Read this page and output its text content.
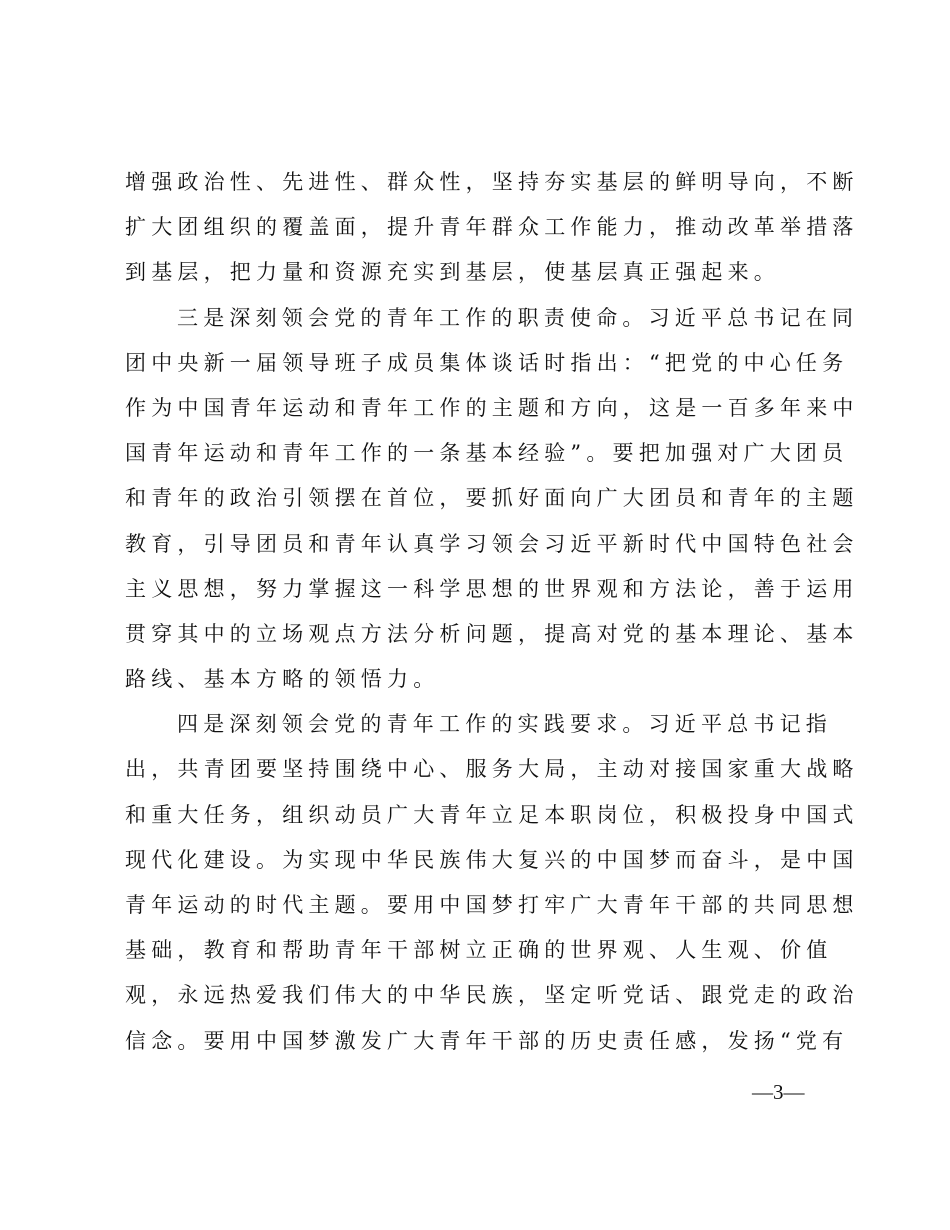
增强政治性、先进性、群众性，坚持夯实基层的鲜明导向，不断
扩大团组织的覆盖面，提升青年群众工作能力，推动改革举措落
到基层，把力量和资源充实到基层，使基层真正强起来。
三是深刻领会党的青年工作的职责使命。习近平总书记在同
团中央新一届领导班子成员集体谈话时指出：“把党的中心任务
作为中国青年运动和青年工作的主题和方向，这是一百多年来中
国青年运动和青年工作的一条基本经验”。要把加强对广大团员
和青年的政治引领摆在首位，要抓好面向广大团员和青年的主题
教育，引导团员和青年认真学习领会习近平新时代中国特色社会
主义思想，努力掌握这一科学思想的世界观和方法论，善于运用
贯穿其中的立场观点方法分析问题，提高对党的基本理论、基本
路线、基本方略的领悟力。
四是深刻领会党的青年工作的实践要求。习近平总书记指
出，共青团要坚持围绕中心、服务大局，主动对接国家重大战略
和重大任务，组织动员广大青年立足本职岗位，积极投身中国式
现代化建设。为实现中华民族伟大复兴的中国梦而奋斗，是中国
青年运动的时代主题。要用中国梦打牢广大青年干部的共同思想
基础，教育和帮助青年干部树立正确的世界观、人生观、价值
观，永远热爱我们伟大的中华民族，坚定听党话、跟党走的政治
信念。要用中国梦激发广大青年干部的历史责任感，发扬“党有
—3—
